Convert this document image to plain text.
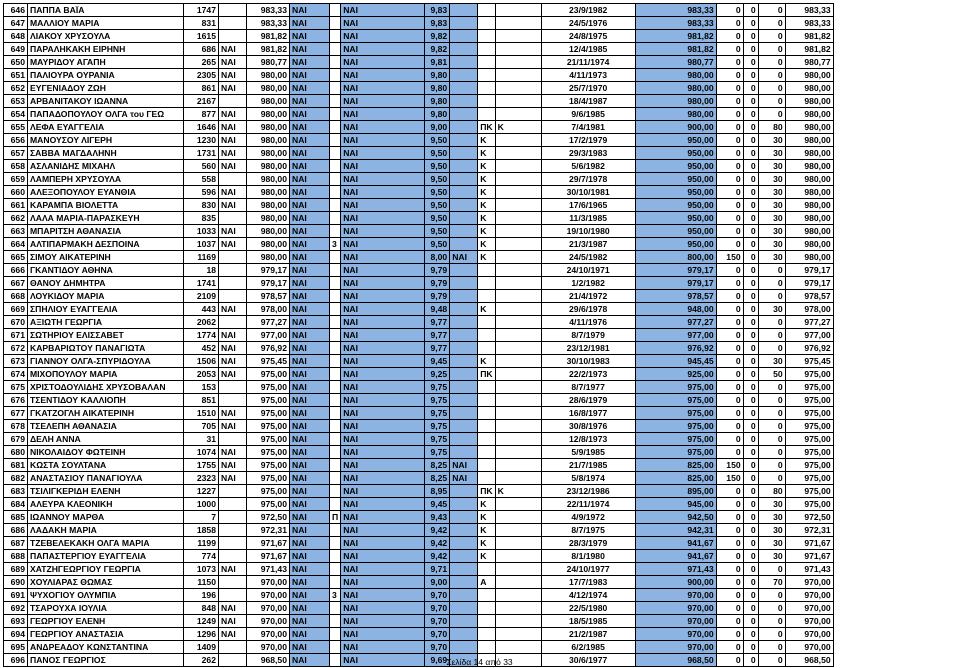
646	ΠΑΠΠΑ ΒΑΪΑ	1747		983,33	ΝΑΙ		ΝΑΙ	9,83				23/9/1982	983,33	0	0	0	983,33
647	ΜΑΛΛΙΟΥ ΜΑΡΙΑ	831		983,33	ΝΑΙ		ΝΑΙ	9,83				24/5/1976	983,33	0	0	0	983,33
648	ΛΙΑΚΟΥ ΧΡΥΣΟΥΛΑ	1615		981,82	ΝΑΙ		ΝΑΙ	9,82				24/8/1975	981,82	0	0	0	981,82
649	ΠΑΡΑΛΗΚΑΚΗ ΕΙΡΗΝΗ	686	ΝΑΙ	981,82	ΝΑΙ		ΝΑΙ	9,82				12/4/1985	981,82	0	0	0	981,82
650	ΜΑΥΡΙΔΟΥ ΑΓΑΠΗ	265	ΝΑΙ	980,77	ΝΑΙ		ΝΑΙ	9,81				21/11/1974	980,77	0	0	0	980,77
651	ΠΑΛΙΟΥΡΑ ΟΥΡΑΝΙΑ	2305	ΝΑΙ	980,00	ΝΑΙ		ΝΑΙ	9,80				4/11/1973	980,00	0	0	0	980,00
652	ΕΥΓΕΝΙΑΔΟΥ ΖΩΗ	861	ΝΑΙ	980,00	ΝΑΙ		ΝΑΙ	9,80				25/7/1970	980,00	0	0	0	980,00
653	ΑΡΒΑΝΙΤΑΚΟΥ ΙΩΑΝΝΑ	2167		980,00	ΝΑΙ		ΝΑΙ	9,80				18/4/1987	980,00	0	0	0	980,00
654	ΠΑΠΑΔΟΠΟΥΛΟΥ ΟΛΓΑ του ΓΕΩ	877	ΝΑΙ	980,00	ΝΑΙ		ΝΑΙ	9,80				9/6/1985	980,00	0	0	0	980,00
655	ΛΕΦΑ ΕΥΑΓΓΕΛΙΑ	1646	ΝΑΙ	980,00	ΝΑΙ		ΝΑΙ	9,00		ΠΚ	Κ	7/4/1981	900,00	0	0	80	980,00
656	ΜΑΝΟΥΣΟΥ ΛΙΓΕΡΗ	1230	ΝΑΙ	980,00	ΝΑΙ		ΝΑΙ	9,50		Κ		17/2/1979	950,00	0	0	30	980,00
657	ΣΑΒΒΑ ΜΑΓΔΑΛΗΝΗ	1731	ΝΑΙ	980,00	ΝΑΙ		ΝΑΙ	9,50		Κ		29/3/1983	950,00	0	0	30	980,00
658	ΑΣΛΑΝΙΔΗΣ ΜΙΧΑΗΛ	560	ΝΑΙ	980,00	ΝΑΙ		ΝΑΙ	9,50		Κ		5/6/1982	950,00	0	0	30	980,00
659	ΛΑΜΠΕΡΗ ΧΡΥΣΟΥΛΑ	558		980,00	ΝΑΙ		ΝΑΙ	9,50		Κ		29/7/1978	950,00	0	0	30	980,00
660	ΑΛΕΞΟΠΟΥΛΟΥ ΕΥΑΝΘΙΑ	596	ΝΑΙ	980,00	ΝΑΙ		ΝΑΙ	9,50		Κ		30/10/1981	950,00	0	0	30	980,00
661	ΚΑΡΑΜΠΑ ΒΙΟΛΕΤΤΑ	830	ΝΑΙ	980,00	ΝΑΙ		ΝΑΙ	9,50		Κ		17/6/1965	950,00	0	0	30	980,00
662	ΛΑΛΑ ΜΑΡΙΑ-ΠΑΡΑΣΚΕΥΗ	835		980,00	ΝΑΙ		ΝΑΙ	9,50		Κ		11/3/1985	950,00	0	0	30	980,00
663	ΜΠΑΡΙΤΣΗ ΑΘΑΝΑΣΙΑ	1033	ΝΑΙ	980,00	ΝΑΙ		ΝΑΙ	9,50		Κ		19/10/1980	950,00	0	0	30	980,00
664	ΑΛΤΙΠΑΡΜΑΚΗ ΔΕΣΠΟΙΝΑ	1037	ΝΑΙ	980,00	ΝΑΙ	3	ΝΑΙ	9,50		Κ		21/3/1987	950,00	0	0	30	980,00
665	ΣΙΜΟΥ ΑΙΚΑΤΕΡΙΝΗ	1169		980,00	ΝΑΙ		ΝΑΙ	8,00	ΝΑΙ	Κ		24/5/1982	800,00	150	0	30	980,00
666	ΓΚΑΝΤΙΔΟΥ ΑΘΗΝΑ	18		979,17	ΝΑΙ		ΝΑΙ	9,79				24/10/1971	979,17	0	0	0	979,17
667	ΘΑΝΟΥ ΔΗΜΗΤΡΑ	1741		979,17	ΝΑΙ		ΝΑΙ	9,79				1/2/1982	979,17	0	0	0	979,17
668	ΛΟΥΚΙΔΟΥ ΜΑΡΙΑ	2109		978,57	ΝΑΙ		ΝΑΙ	9,79				21/4/1972	978,57	0	0	0	978,57
669	ΣΠΗΛΙΟΥ ΕΥΑΓΓΕΛΙΑ	443	ΝΑΙ	978,00	ΝΑΙ		ΝΑΙ	9,48		Κ		29/6/1978	948,00	0	0	30	978,00
670	ΑΞΙΩΤΗ ΓΕΩΡΓΙΑ	2062		977,27	ΝΑΙ		ΝΑΙ	9,77				4/11/1976	977,27	0	0	0	977,27
671	ΣΩΤΗΡΙΟΥ ΕΛΙΣΣΑΒΕΤ	1774	ΝΑΙ	977,00	ΝΑΙ		ΝΑΙ	9,77				8/7/1979	977,00	0	0	0	977,00
672	ΚΑΡΒΑΡΙΩΤΟΥ ΠΑΝΑΓΙΩΤΑ	452	ΝΑΙ	976,92	ΝΑΙ		ΝΑΙ	9,77				23/12/1981	976,92	0	0	0	976,92
673	ΓΙΑΝΝΟΥ ΟΛΓΑ-ΣΠΥΡΙΔΟΥΛΑ	1506	ΝΑΙ	975,45	ΝΑΙ		ΝΑΙ	9,45		Κ		30/10/1983	945,45	0	0	30	975,45
674	ΜΙΧΟΠΟΥΛΟΥ ΜΑΡΙΑ	2053	ΝΑΙ	975,00	ΝΑΙ		ΝΑΙ	9,25		ΠΚ		22/2/1973	925,00	0	0	50	975,00
675	ΧΡΙΣΤΟΔΟΥΛΙΔΗΣ ΧΡΥΣΟΒΑΛΑΝ	153		975,00	ΝΑΙ		ΝΑΙ	9,75				8/7/1977	975,00	0	0	0	975,00
676	ΤΣΕΝΤΙΔΟΥ ΚΑΛΛΙΟΠΗ	851		975,00	ΝΑΙ		ΝΑΙ	9,75				28/6/1979	975,00	0	0	0	975,00
677	ΓΚΑΤΖΟΓΛΗ ΑΙΚΑΤΕΡΙΝΗ	1510	ΝΑΙ	975,00	ΝΑΙ		ΝΑΙ	9,75				16/8/1977	975,00	0	0	0	975,00
678	ΤΣΕΛΕΠΗ ΑΘΑΝΑΣΙΑ	705	ΝΑΙ	975,00	ΝΑΙ		ΝΑΙ	9,75				30/8/1976	975,00	0	0	0	975,00
679	ΔΕΛΗ ΑΝΝΑ	31		975,00	ΝΑΙ		ΝΑΙ	9,75				12/8/1973	975,00	0	0	0	975,00
680	ΝΙΚΟΛΑΙΔΟΥ ΦΩΤΕΙΝΗ	1074	ΝΑΙ	975,00	ΝΑΙ		ΝΑΙ	9,75				5/9/1985	975,00	0	0	0	975,00
681	ΚΩΣΤΑ ΣΟΥΛΤΑΝΑ	1755	ΝΑΙ	975,00	ΝΑΙ		ΝΑΙ	8,25	ΝΑΙ			21/7/1985	825,00	150	0	0	975,00
682	ΑΝΑΣΤΑΣΙΟΥ ΠΑΝΑΓΙΟΥΛΑ	2323	ΝΑΙ	975,00	ΝΑΙ		ΝΑΙ	8,25	ΝΑΙ			5/8/1974	825,00	150	0	0	975,00
683	ΤΣΙΛΙΓΚΕΡΙΔΗ ΕΛΕΝΗ	1227		975,00	ΝΑΙ		ΝΑΙ	8,95		ΠΚ	Κ	23/12/1986	895,00	0	0	80	975,00
684	ΑΛΕΥΡΑ ΚΛΕΟΝΙΚΗ	1000		975,00	ΝΑΙ		ΝΑΙ	9,45		Κ		22/11/1974	945,00	0	0	30	975,00
685	ΙΩΑΝΝΟΥ ΜΑΡΘΑ	7		972,50	ΝΑΙ	Π	ΝΑΙ	9,43		Κ		4/9/1972	942,50	0	0	30	972,50
686	ΛΑΔΑΚΗ ΜΑΡΙΑ	1858		972,31	ΝΑΙ		ΝΑΙ	9,42		Κ		8/7/1975	942,31	0	0	30	972,31
687	ΤΖΕΒΕΛΕΚΑΚΗ ΟΛΓΑ ΜΑΡΙΑ	1199		971,67	ΝΑΙ		ΝΑΙ	9,42		Κ		28/3/1979	941,67	0	0	30	971,67
688	ΠΑΠΑΣΤΕΡΓΙΟΥ ΕΥΑΓΓΕΛΙΑ	774		971,67	ΝΑΙ		ΝΑΙ	9,42		Κ		8/1/1980	941,67	0	0	30	971,67
689	ΧΑΤΖΗΓΕΩΡΓΙΟΥ ΓΕΩΡΓΙΑ	1073	ΝΑΙ	971,43	ΝΑΙ		ΝΑΙ	9,71				24/10/1977	971,43	0	0	0	971,43
690	ΧΟΥΛΙΑΡΑΣ ΘΩΜΑΣ	1150		970,00	ΝΑΙ		ΝΑΙ	9,00		Α		17/7/1983	900,00	0	0	70	970,00
691	ΨΥΧΟΓΙΟΥ ΟΛΥΜΠΙΑ	196		970,00	ΝΑΙ	3	ΝΑΙ	9,70				4/12/1974	970,00	0	0	0	970,00
692	ΤΣΑΡΟΥΧΑ ΙΟΥΛΙΑ	848	ΝΑΙ	970,00	ΝΑΙ		ΝΑΙ	9,70				22/5/1980	970,00	0	0	0	970,00
693	ΓΕΩΡΓΙΟΥ ΕΛΕΝΗ	1249	ΝΑΙ	970,00	ΝΑΙ		ΝΑΙ	9,70				18/5/1985	970,00	0	0	0	970,00
694	ΓΕΩΡΓΙΟΥ ΑΝΑΣΤΑΣΙΑ	1296	ΝΑΙ	970,00	ΝΑΙ		ΝΑΙ	9,70				21/2/1987	970,00	0	0	0	970,00
695	ΑΝΔΡΕΑΔΟΥ ΚΩΝΣΤΑΝΤΙΝΑ	1409		970,00	ΝΑΙ		ΝΑΙ	9,70				6/2/1985	970,00	0	0	0	970,00
696	ΠΑΝΟΣ ΓΕΩΡΓΙΟΣ	262		968,50	ΝΑΙ		ΝΑΙ	9,69				30/6/1977	968,50	0	0	0	968,50
Σελίδα 14 από 33
